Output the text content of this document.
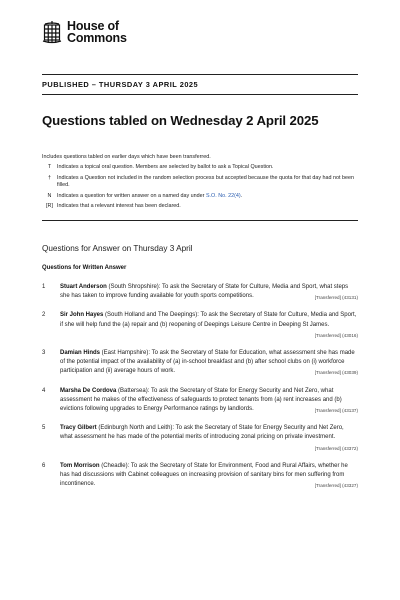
House of
Commons
PUBLISHED – THURSDAY 3 APRIL 2025
Questions tabled on Wednesday 2 April 2025
Includes questions tabled on earlier days which have been transferred.
T	Indicates a topical oral question. Members are selected by ballot to ask a Topical Question.
†	Indicates a Question not included in the random selection process but accepted because the quota for that day had not been filled.
N	Indicates a question for written answer on a named day under S.O. No. 22(4).
[R] Indicates that a relevant interest has been declared.
Questions for Answer on Thursday 3 April
Questions for Written Answer
1	Stuart Anderson (South Shropshire): To ask the Secretary of State for Culture, Media and Sport, what steps she has taken to improve funding available for youth sports competitions.	[Transferred] (43131)
2	Sir John Hayes (South Holland and The Deepings): To ask the Secretary of State for Culture, Media and Sport, if she will help fund the (a) repair and (b) reopening of Deepings Leisure Centre in Deeping St James.
[Transferred] (43016)
3	Damian Hinds (East Hampshire): To ask the Secretary of State for Education, what assessment she has made of the potential impact of the availability of (a) in-school breakfast and (b) after school clubs on (i) workforce participation and (ii) average hours of work.	[Transferred] (43039)
4	Marsha De Cordova (Battersea): To ask the Secretary of State for Energy Security and Net Zero, what assessment he makes of the effectiveness of safeguards to protect tenants from (a) rent increases and (b) evictions following upgrades to Energy Performance ratings by landlords.	[Transferred] (43137)
5	Tracy Gilbert (Edinburgh North and Leith): To ask the Secretary of State for Energy Security and Net Zero, what assessment he has made of the potential merits of introducing zonal pricing on private investment.
[Transferred] (43372)
6	Tom Morrison (Cheadle): To ask the Secretary of State for Environment, Food and Rural Affairs, whether he has had discussions with Cabinet colleagues on increasing provision of sanitary bins for men suffering from incontinence.	[Transferred] (43327)
